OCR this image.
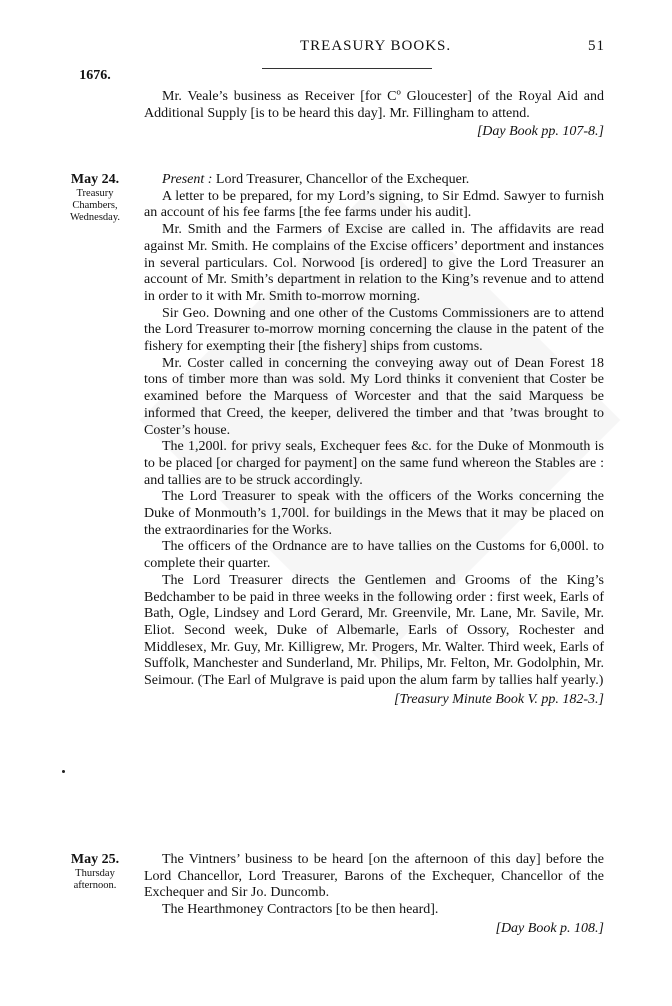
TREASURY BOOKS.	51
1676.

Mr. Veale’s business as Receiver [for Cº Gloucester] of the Royal Aid and Additional Supply [is to be heard this day]. Mr. Fillingham to attend.

[Day Book pp. 107-8.]

May 24.
Treasury Chambers,
Wednesday.

Present : Lord Treasurer, Chancellor of the Exchequer.

A letter to be prepared, for my Lord’s signing, to Sir Edmd. Sawyer to furnish an account of his fee farms [the fee farms under his audit].

Mr. Smith and the Farmers of Excise are called in. The affidavits are read against Mr. Smith. He complains of the Excise officers’ deportment and instances in several particulars. Col. Norwood [is ordered] to give the Lord Treasurer an account of Mr. Smith’s department in relation to the King’s revenue and to attend in order to it with Mr. Smith to-morrow morning.

Sir Geo. Downing and one other of the Customs Commissioners are to attend the Lord Treasurer to-morrow morning concerning the clause in the patent of the fishery for exempting their [the fishery] ships from customs.

Mr. Coster called in concerning the conveying away out of Dean Forest 18 tons of timber more than was sold. My Lord thinks it convenient that Coster be examined before the Marquess of Worcester and that the said Marquess be informed that Creed, the keeper, delivered the timber and that ’twas brought to Coster’s house.

The 1,200l. for privy seals, Exchequer fees &c. for the Duke of Monmouth is to be placed [or charged for payment] on the same fund whereon the Stables are : and tallies are to be struck accordingly.

The Lord Treasurer to speak with the officers of the Works concerning the Duke of Monmouth’s 1,700l. for buildings in the Mews that it may be placed on the extraordinaries for the Works.

The officers of the Ordnance are to have tallies on the Customs for 6,000l. to complete their quarter.

The Lord Treasurer directs the Gentlemen and Grooms of the King’s Bedchamber to be paid in three weeks in the following order : first week, Earls of Bath, Ogle, Lindsey and Lord Gerard, Mr. Greenvile, Mr. Lane, Mr. Savile, Mr. Eliot. Second week, Duke of Albemarle, Earls of Ossory, Rochester and Middlesex, Mr. Guy, Mr. Killigrew, Mr. Progers, Mr. Walter. Third week, Earls of Suffolk, Manchester and Sunderland, Mr. Philips, Mr. Felton, Mr. Godolphin, Mr. Seimour. (The Earl of Mulgrave is paid upon the alum farm by tallies half yearly.)

[Treasury Minute Book V. pp. 182-3.]

May 25.
Thursday
afternoon.

The Vintners’ business to be heard [on the afternoon of this day] before the Lord Chancellor, Lord Treasurer, Barons of the Exchequer, Chancellor of the Exchequer and Sir Jo. Duncomb.

The Hearthmoney Contractors [to be then heard].

[Day Book p. 108.]
